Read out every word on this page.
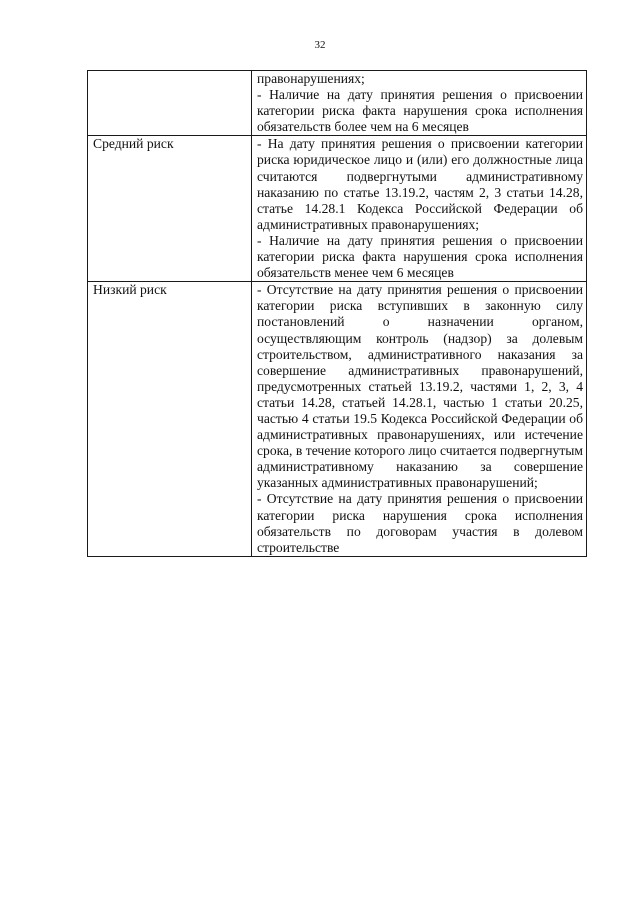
32

	правонарушениях;
- Наличие на дату принятия решения о присвоении категории риска факта нарушения срока исполнения обязательств более чем на 6 месяцев

Средний риск	- На дату принятия решения о присвоении категории риска юридическое лицо и (или) его должностные лица считаются подвергнутыми административному наказанию по статье 13.19.2, частям 2, 3 статьи 14.28, статье 14.28.1 Кодекса Российской Федерации об административных правонарушениях;
- Наличие на дату принятия решения о присвоении категории риска факта нарушения срока исполнения обязательств менее чем 6 месяцев

Низкий риск	- Отсутствие на дату принятия решения о присвоении категории риска вступивших в законную силу постановлений о назначении органом, осуществляющим контроль (надзор) за долевым строительством, административного наказания за совершение административных правонарушений, предусмотренных статьей 13.19.2, частями 1, 2, 3, 4 статьи 14.28, статьей 14.28.1, частью 1 статьи 20.25, частью 4 статьи 19.5 Кодекса Российской Федерации об административных правонарушениях, или истечение срока, в течение которого лицо считается подвергнутым административному наказанию за совершение указанных административных правонарушений;
- Отсутствие на дату принятия решения о присвоении категории риска нарушения срока исполнения обязательств по договорам участия в долевом строительстве
